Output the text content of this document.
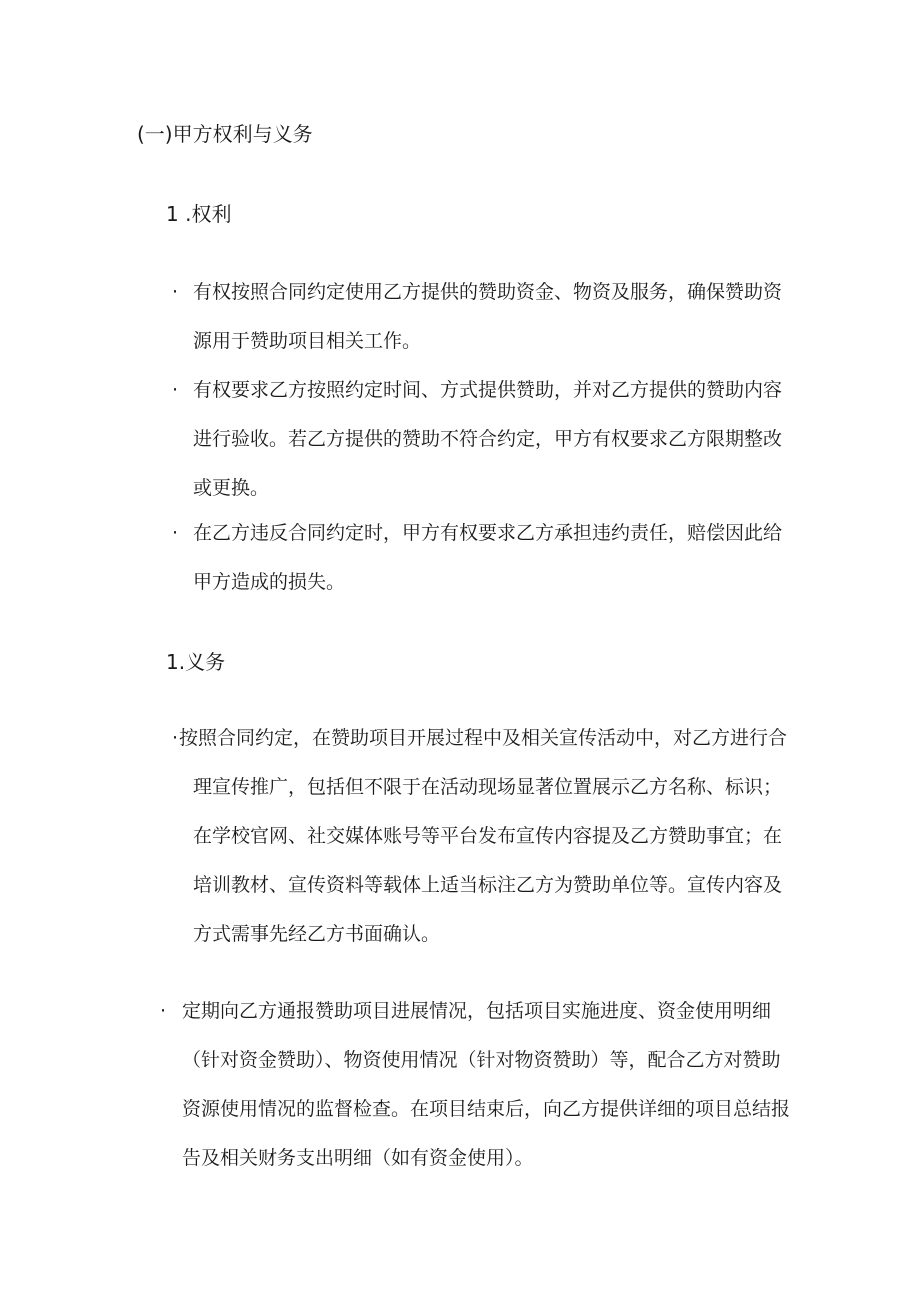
(一)甲方权利与义务
1 .权利
· 有权按照合同约定使用乙方提供的赞助资金、物资及服务，确保赞助资源用于赞助项目相关工作。

· 有权要求乙方按照约定时间、方式提供赞助，并对乙方提供的赞助内容进行验收。若乙方提供的赞助不符合约定，甲方有权要求乙方限期整改或更换。

· 在乙方违反合同约定时，甲方有权要求乙方承担违约责任，赔偿因此给甲方造成的损失。

1.义务
· 按照合同约定，在赞助项目开展过程中及相关宣传活动中，对乙方进行合理宣传推广，包括但不限于在活动现场显著位置展示乙方名称、标识；在学校官网、社交媒体账号等平台发布宣传内容提及乙方赞助事宜；在培训教材、宣传资料等载体上适当标注乙方为赞助单位等。宣传内容及方式需事先经乙方书面确认。

· 定期向乙方通报赞助项目进展情况，包括项目实施进度、资金使用明细（针对资金赞助）、物资使用情况（针对物资赞助）等，配合乙方对赞助资源使用情况的监督检查。在项目结束后，向乙方提供详细的项目总结报告及相关财务支出明细（如有资金使用）。
